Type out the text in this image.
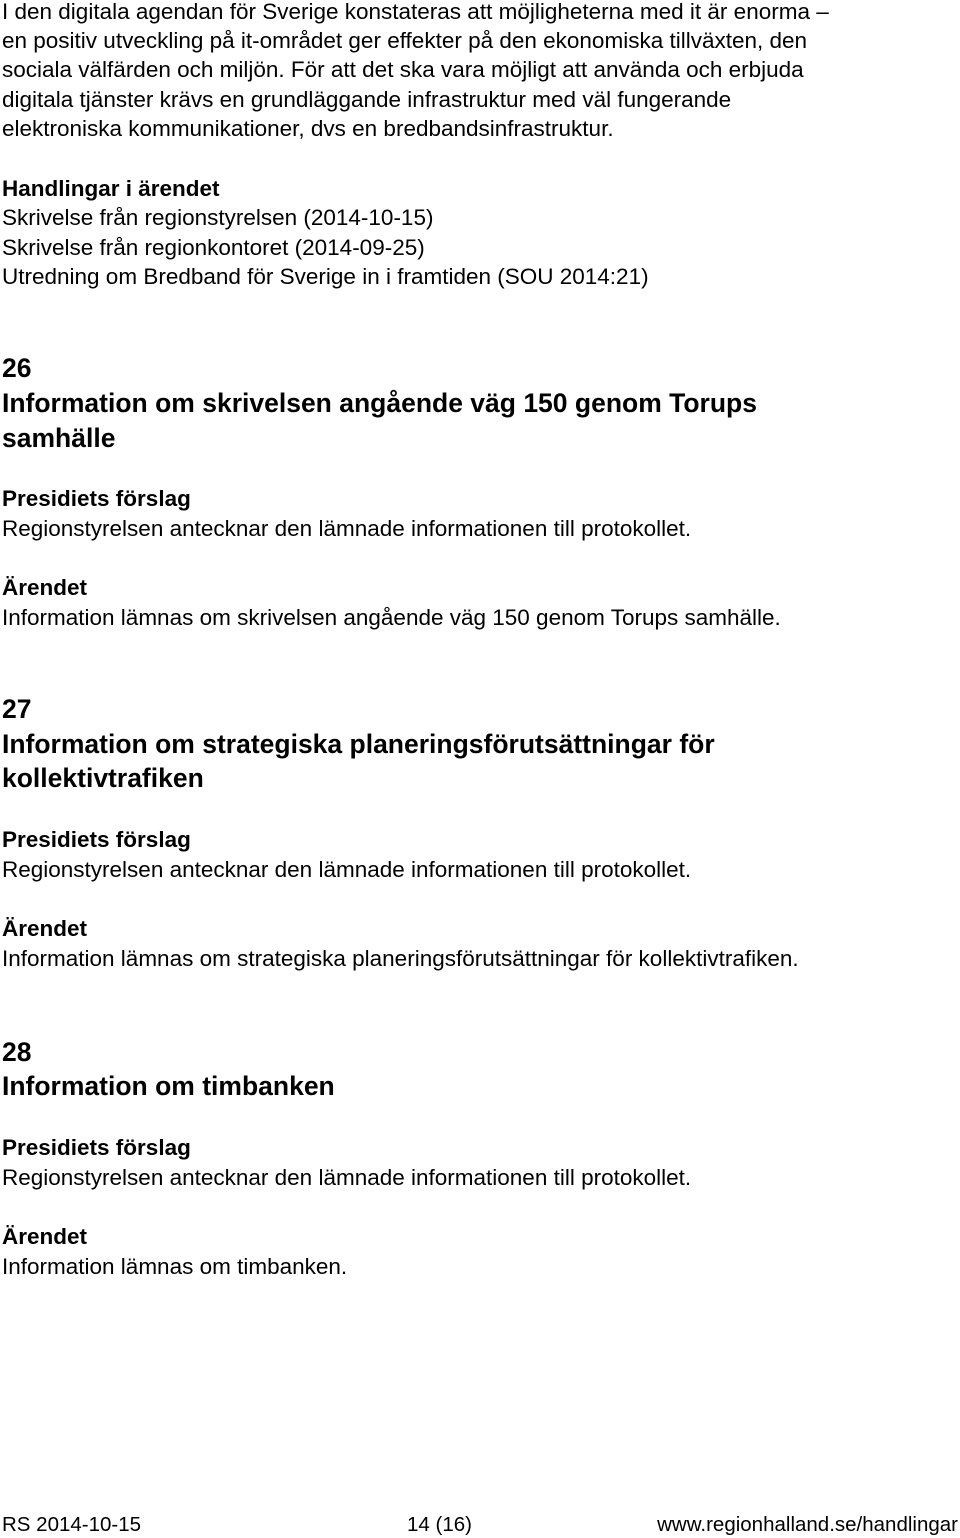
I den digitala agendan för Sverige konstateras att möjligheterna med it är enorma –
en positiv utveckling på it-området ger effekter på den ekonomiska tillväxten, den
sociala välfärden och miljön. För att det ska vara möjligt att använda och erbjuda
digitala tjänster krävs en grundläggande infrastruktur med väl fungerande
elektroniska kommunikationer, dvs en bredbandsinfrastruktur.
Handlingar i ärendet
Skrivelse från regionstyrelsen (2014-10-15)
Skrivelse från regionkontoret (2014-09-25)
Utredning om Bredband för Sverige in i framtiden (SOU 2014:21)
26
Information om skrivelsen angående väg 150 genom Torups
samhälle
Presidiets förslag
Regionstyrelsen antecknar den lämnade informationen till protokollet.
Ärendet
Information lämnas om skrivelsen angående väg 150 genom Torups samhälle.
27
Information om strategiska planeringsförutsättningar för
kollektivtrafiken
Presidiets förslag
Regionstyrelsen antecknar den lämnade informationen till protokollet.
Ärendet
Information lämnas om strategiska planeringsförutsättningar för kollektivtrafiken.
28
Information om timbanken
Presidiets förslag
Regionstyrelsen antecknar den lämnade informationen till protokollet.
Ärendet
Information lämnas om timbanken.
RS 2014-10-15	14 (16)	www.regionhalland.se/handlingar
